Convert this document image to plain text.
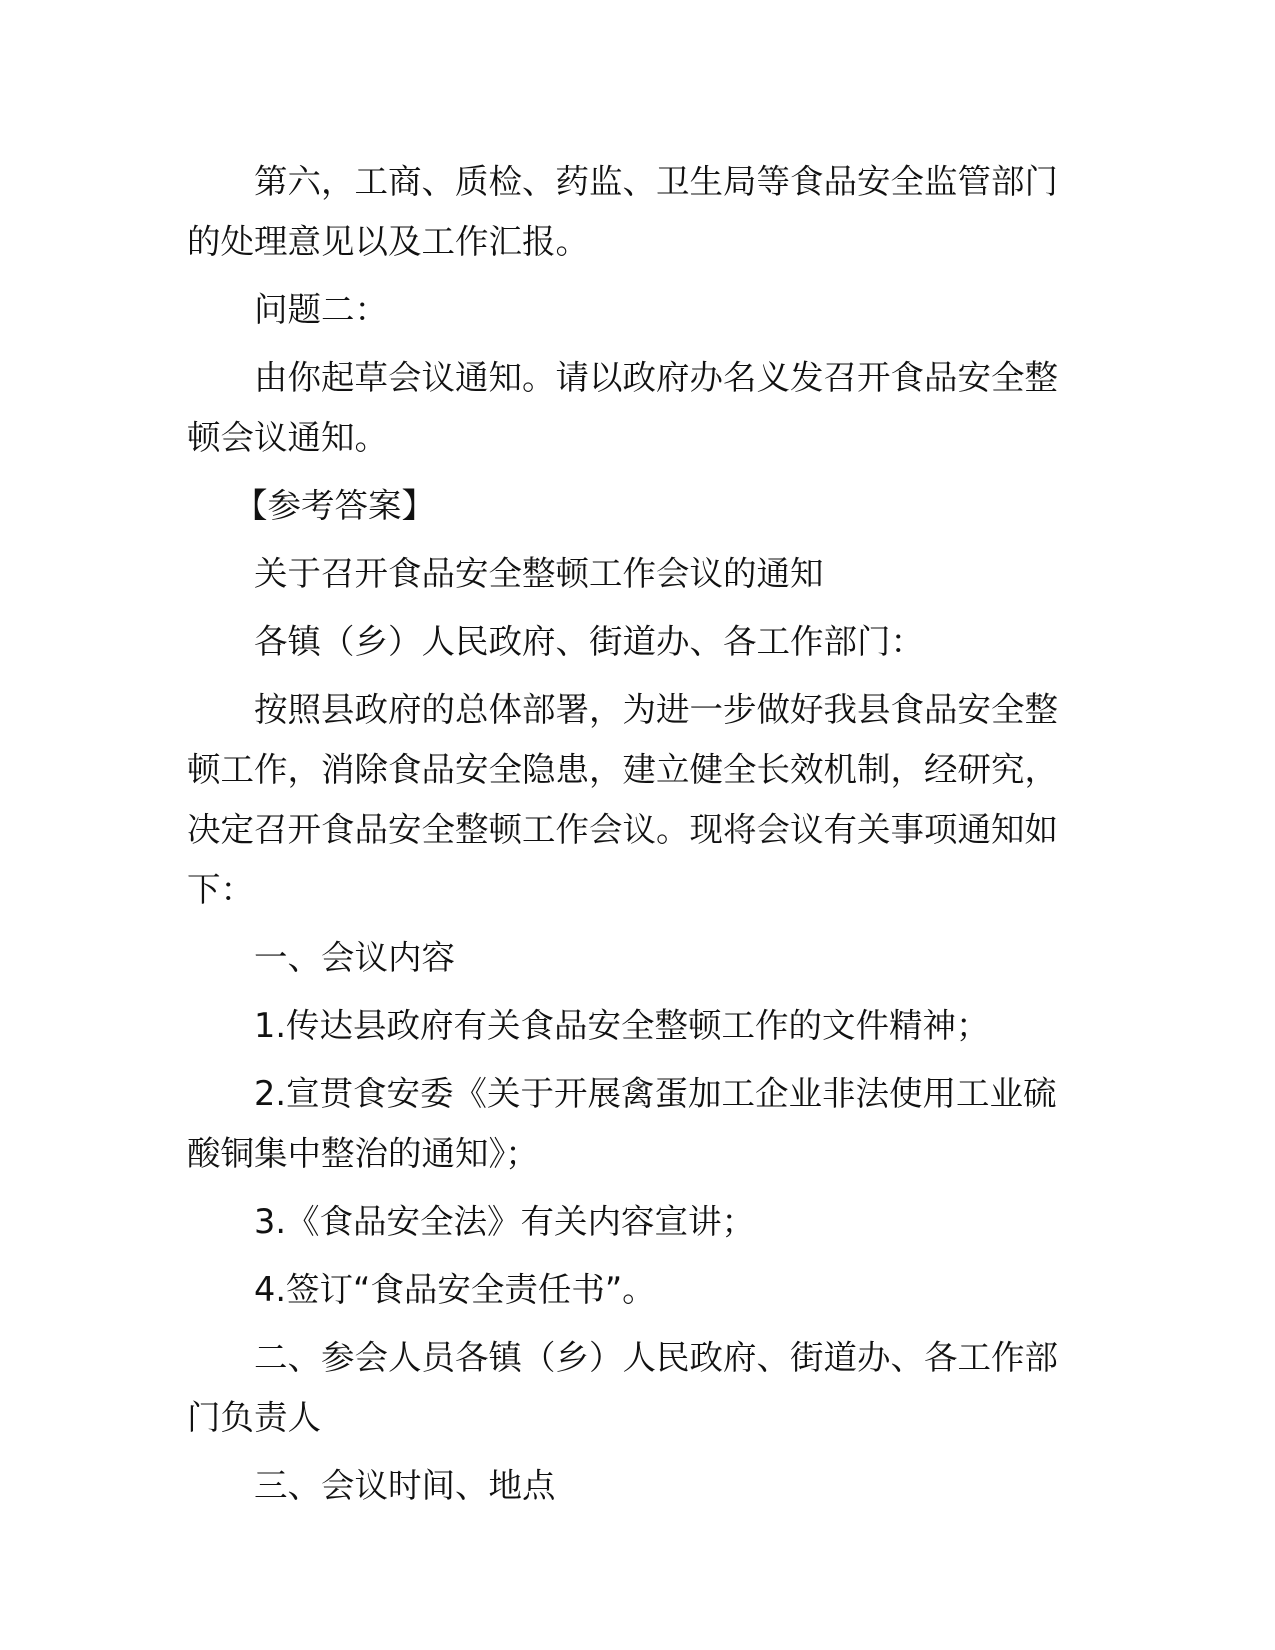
第六，工商、质检、药监、卫生局等食品安全监管部门的处理意见以及工作汇报。

问题二：

由你起草会议通知。请以政府办名义发召开食品安全整顿会议通知。

【参考答案】

关于召开食品安全整顿工作会议的通知

各镇（乡）人民政府、街道办、各工作部门：

按照县政府的总体部署，为进一步做好我县食品安全整顿工作，消除食品安全隐患，建立健全长效机制，经研究，决定召开食品安全整顿工作会议。现将会议有关事项通知如下：

一、会议内容

1.传达县政府有关食品安全整顿工作的文件精神；

2.宣贯食安委《关于开展禽蛋加工企业非法使用工业硫酸铜集中整治的通知》；

3.《食品安全法》有关内容宣讲；

4.签订“食品安全责任书”。

二、参会人员各镇（乡）人民政府、街道办、各工作部门负责人

三、会议时间、地点
